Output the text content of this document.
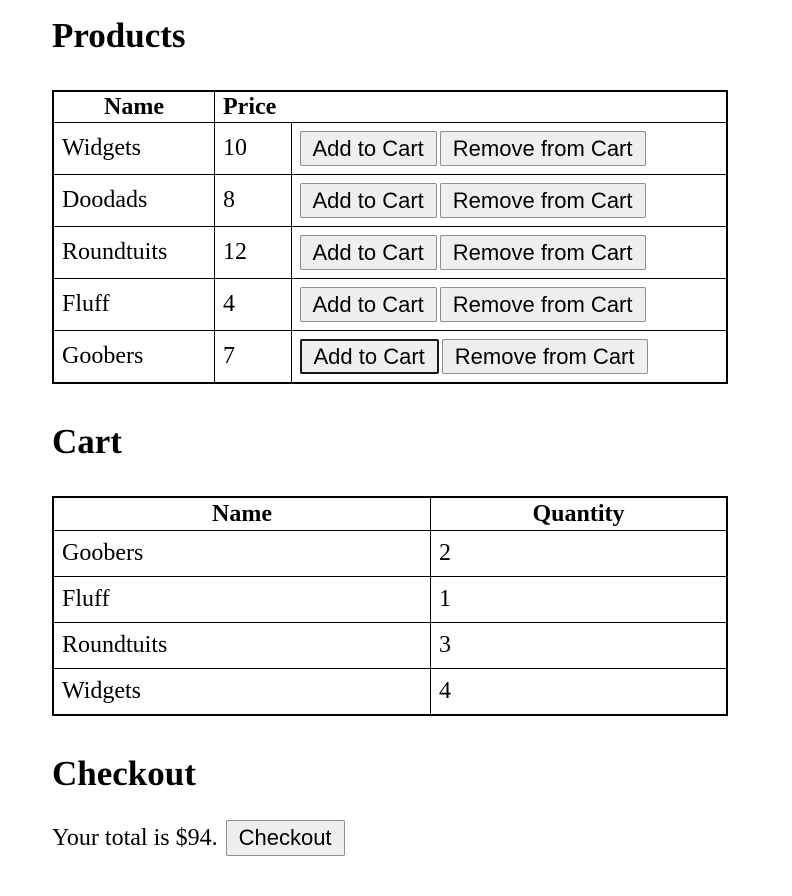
Products
Name	Price	
Widgets	10	Add to Cart Remove from Cart
Doodads	8	Add to Cart Remove from Cart
Roundtuits	12	Add to Cart Remove from Cart
Fluff	4	Add to Cart Remove from Cart
Goobers	7	Add to Cart Remove from Cart
Cart
Name	Quantity
Goobers	2
Fluff	1
Roundtuits	3
Widgets	4
Checkout
Your total is $94. Checkout
